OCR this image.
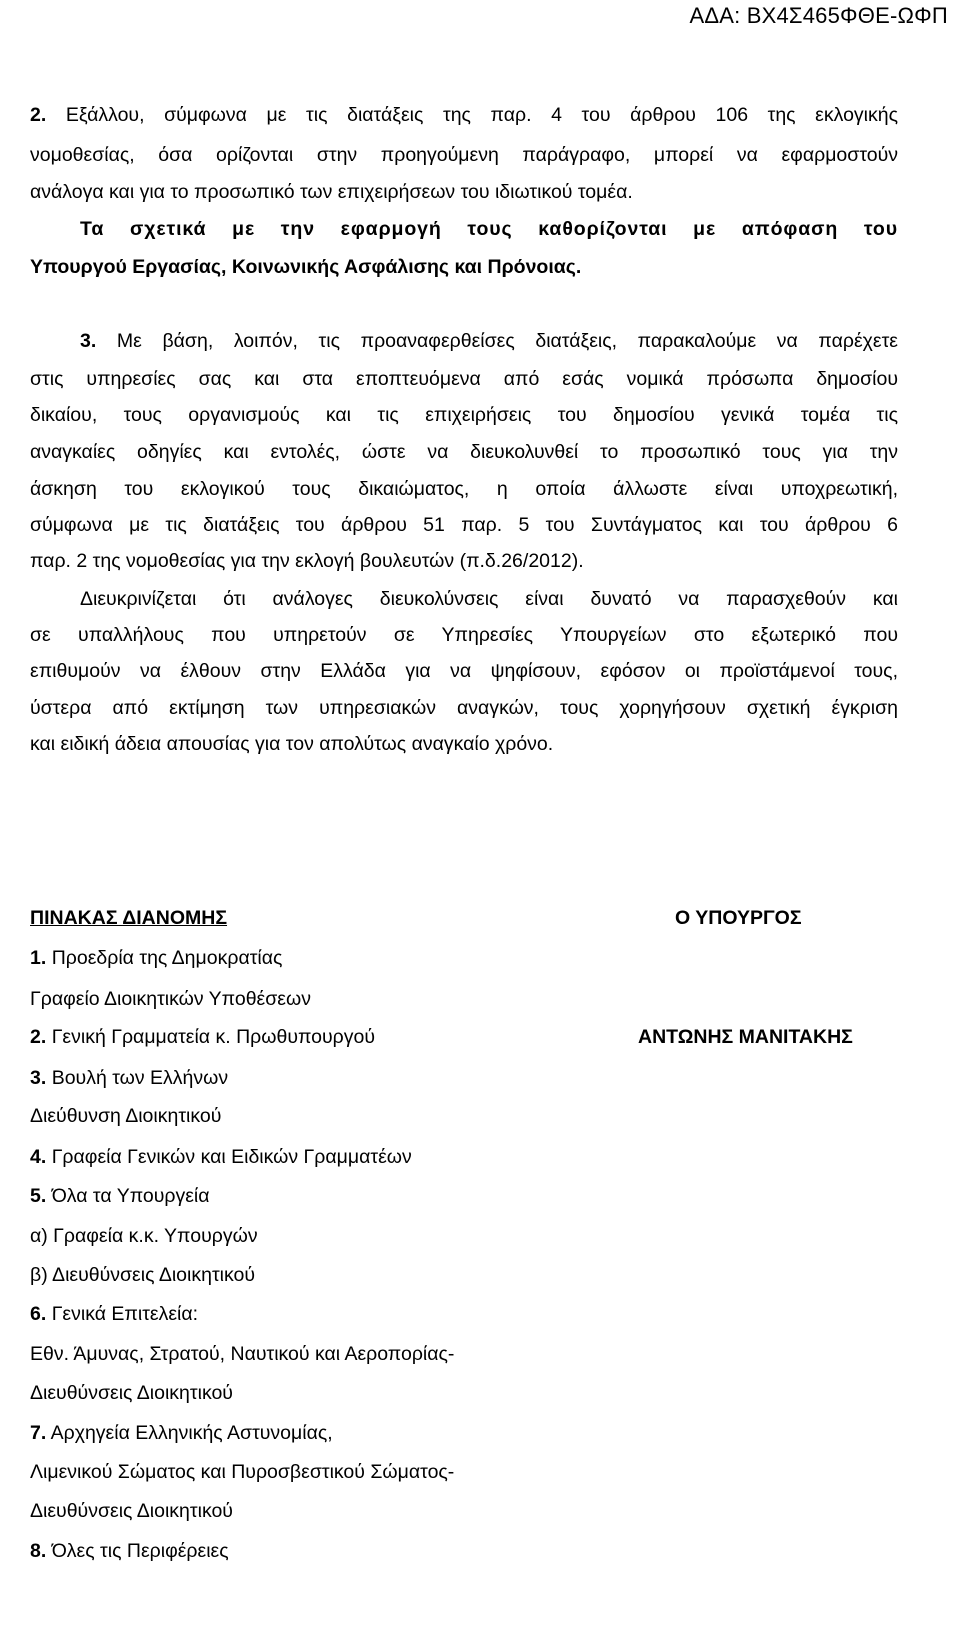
ΑΔΑ: ΒΧ4Σ465ΦΘΕ-ΩΦΠ
2. Εξάλλου, σύμφωνα με τις διατάξεις της παρ. 4 του άρθρου 106 της εκλογικής
νομοθεσίας, όσα ορίζονται στην προηγούμενη παράγραφο, μπορεί να εφαρμοστούν
ανάλογα και για το προσωπικό των επιχειρήσεων του ιδιωτικού τομέα.
Τα σχετικά με την εφαρμογή τους καθορίζονται με απόφαση του
Υπουργού Εργασίας, Κοινωνικής Ασφάλισης και Πρόνοιας.
3. Με βάση, λοιπόν, τις προαναφερθείσες διατάξεις, παρακαλούμε να παρέχετε
στις υπηρεσίες σας και στα εποπτευόμενα από εσάς νομικά πρόσωπα δημοσίου
δικαίου, τους οργανισμούς και τις επιχειρήσεις του δημοσίου γενικά τομέα τις
αναγκαίες οδηγίες και εντολές, ώστε να διευκολυνθεί το προσωπικό τους για την
άσκηση του εκλογικού τους δικαιώματος, η οποία άλλωστε είναι υποχρεωτική,
σύμφωνα με τις διατάξεις του άρθρου 51 παρ. 5 του Συντάγματος και του άρθρου 6
παρ. 2 της νομοθεσίας για την εκλογή βουλευτών (π.δ.26/2012).
Διευκρινίζεται ότι ανάλογες διευκολύνσεις είναι δυνατό να παρασχεθούν και
σε υπαλλήλους που υπηρετούν σε Υπηρεσίες Υπουργείων στο εξωτερικό που
επιθυμούν να έλθουν στην Ελλάδα για να ψηφίσουν, εφόσον οι προϊστάμενοί τους,
ύστερα από εκτίμηση των υπηρεσιακών αναγκών, τους χορηγήσουν σχετική έγκριση
και ειδική άδεια απουσίας για τον απολύτως αναγκαίο χρόνο.
ΠΙΝΑΚΑΣ ΔΙΑΝΟΜΗΣ
1. Προεδρία της Δημοκρατίας
Γραφείο Διοικητικών Υποθέσεων
2. Γενική Γραμματεία κ. Πρωθυπουργού
3. Βουλή των Ελλήνων
Διεύθυνση Διοικητικού
4. Γραφεία Γενικών και Ειδικών Γραμματέων
5. Όλα τα Υπουργεία
α) Γραφεία κ.κ. Υπουργών
β) Διευθύνσεις Διοικητικού
6. Γενικά Επιτελεία:
Εθν. Άμυνας, Στρατού, Ναυτικού και Αεροπορίας-
Διευθύνσεις Διοικητικού
7. Αρχηγεία Ελληνικής Αστυνομίας,
Λιμενικού Σώματος και Πυροσβεστικού Σώματος-
Διευθύνσεις Διοικητικού
8. Όλες τις Περιφέρειες
Ο ΥΠΟΥΡΓΟΣ
ΑΝΤΩΝΗΣ ΜΑΝΙΤΑΚΗΣ
